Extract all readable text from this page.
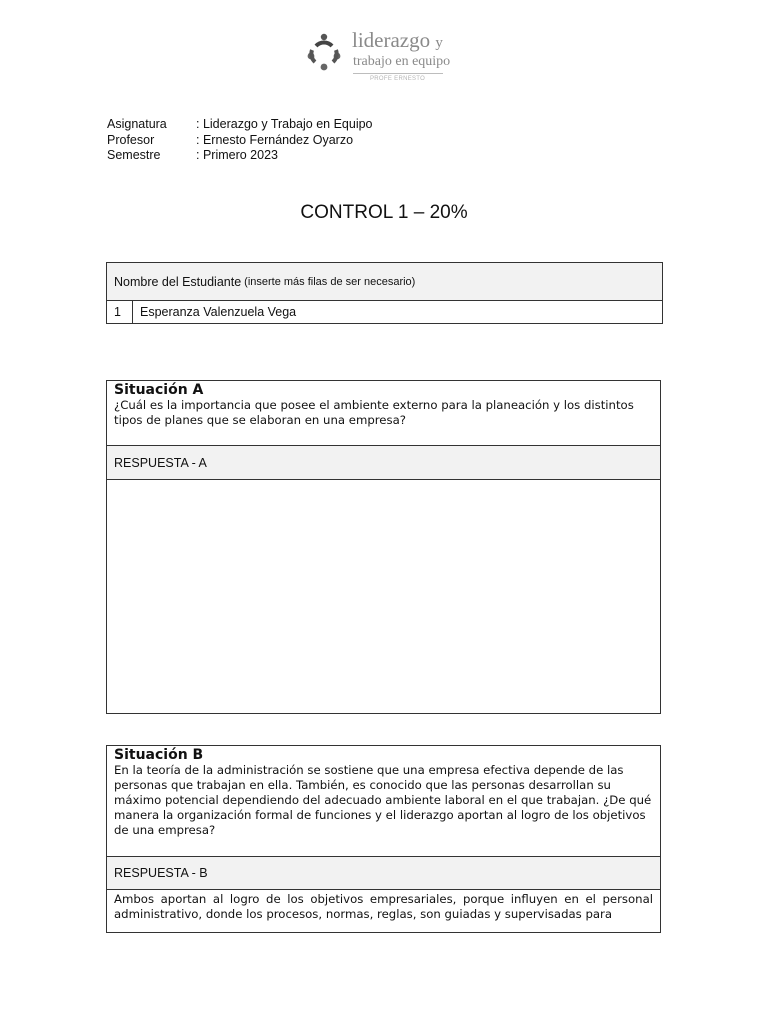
liderazgo y
trabajo en equipo
PROFE ERNESTO
Asignatura	: Liderazgo y Trabajo en Equipo
Profesor	: Ernesto Fernández Oyarzo
Semestre	: Primero 2023
CONTROL 1 – 20%
Nombre del Estudiante (inserte más filas de ser necesario)
1	Esperanza Valenzuela Vega
Situación A
¿Cuál es la importancia que posee el ambiente externo para la planeación y los distintos tipos de planes que se elaboran en una empresa?
RESPUESTA - A
Situación B
En la teoría de la administración se sostiene que una empresa efectiva depende de las personas que trabajan en ella. También, es conocido que las personas desarrollan su máximo potencial dependiendo del adecuado ambiente laboral en el que trabajan. ¿De qué manera la organización formal de funciones y el liderazgo aportan al logro de los objetivos de una empresa?
RESPUESTA - B
Ambos aportan al logro de los objetivos empresariales, porque influyen en el personal administrativo, donde los procesos, normas, reglas, son guiadas y supervisadas para
